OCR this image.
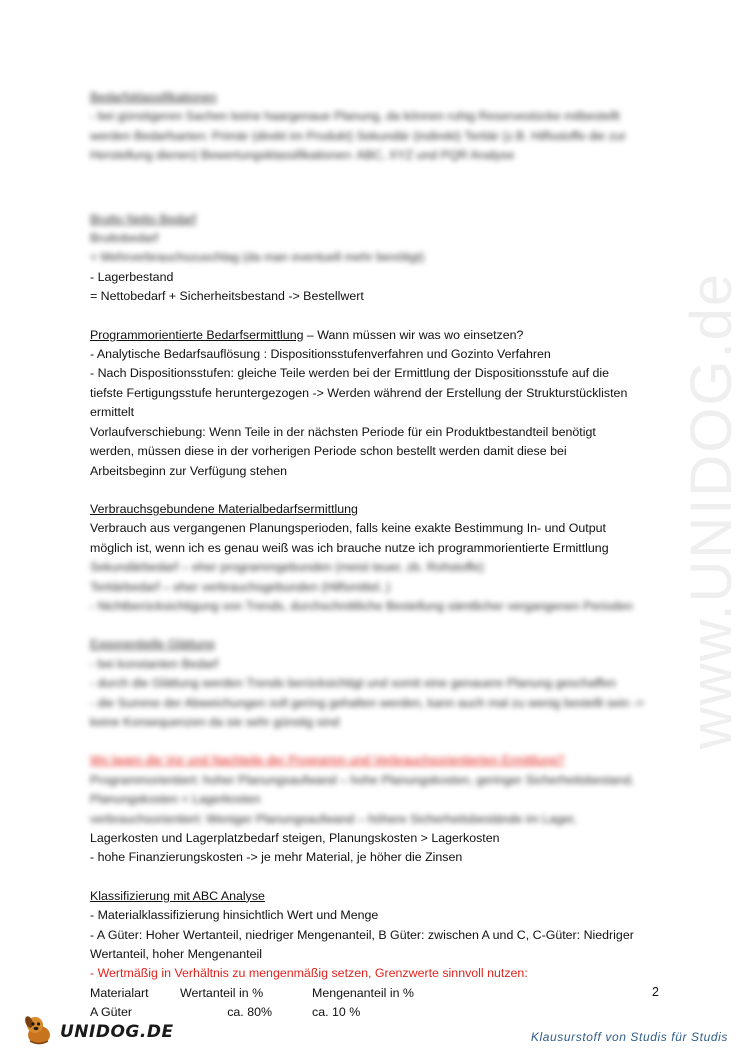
www.UNIDOG.de
Bedarfsklassifikationen
- bei günstigeren Sachen keine haargenaue Planung, da können ruhig Reservestücke mitbestellt
werden Bedarfsarten: Primär (direkt im Produkt) Sekundär (indirekt) Tertiär (z.B. Hilfsstoffe die zur
Herstellung dienen) Bewertungsklassifikationen: ABC, XYZ und PQR Analyse
Brutto Netto Bedarf
Bruttobedarf
+ Mehrverbrauchszuschlag (da man eventuell mehr benötigt)
- Lagerbestand
= Nettobedarf + Sicherheitsbestand -> Bestellwert
Programmorientierte Bedarfsermittlung – Wann müssen wir was wo einsetzen?
- Analytische Bedarfsauflösung : Dispositionsstufenverfahren und Gozinto Verfahren
- Nach Dispositionsstufen: gleiche Teile werden bei der Ermittlung der Dispositionsstufe auf die
tiefste Fertigungsstufe heruntergezogen -> Werden während der Erstellung der Strukturstücklisten
ermittelt
Vorlaufverschiebung: Wenn Teile in der nächsten Periode für ein Produktbestandteil benötigt
werden, müssen diese in der vorherigen Periode schon bestellt werden damit diese bei
Arbeitsbeginn zur Verfügung stehen
Verbrauchsgebundene Materialbedarfsermittlung
Verbrauch aus vergangenen Planungsperioden, falls keine exakte Bestimmung In- und Output
möglich ist, wenn ich es genau weiß was ich brauche nutze ich programmorientierte Ermittlung
Sekundärbedarf – eher programmgebunden (meist teuer, zb. Rohstoffe)
Tertiärbedarf – eher verbrauchsgebunden (Hilfsmittel..)
- Nichtberücksichtigung von Trends, durchschnittliche Bestellung sämtlicher vergangenen Perioden
Exponentielle Glättung
- bei konstanten Bedarf
- durch die Glättung werden Trends berücksichtigt und somit eine genauere Planung geschaffen
- die Summe der Abweichungen soll gering gehalten werden, kann auch mal zu wenig bestellt sein ->
keine Konsequenzen da sie sehr günstig sind
Wo lagen die Vor und Nachteile der Programm und Verbrauchsorientierten Ermittlung?
Programmorientiert: hoher Planungsaufwand – hohe Planungskosten, geringer Sicherheitsbestand,
Planungskosten < Lagerkosten
verbrauchsorientiert: Weniger Planungsaufwand – höhere Sicherheitsbestände im Lager,
Lagerkosten und Lagerplatzbedarf steigen, Planungskosten > Lagerkosten
- hohe Finanzierungskosten -> je mehr Material, je höher die Zinsen
Klassifizierung mit ABC Analyse
- Materialklassifizierung hinsichtlich Wert und Menge
- A Güter: Hoher Wertanteil, niedriger Mengenanteil, B Güter: zwischen A und C, C-Güter: Niedriger
Wertanteil, hoher Mengenanteil
- Wertmäßig in Verhältnis zu mengenmäßig setzen, Grenzwerte sinnvoll nutzen:
Materialart	Wertanteil in %	Mengenanteil in %
A Güter	ca. 80%	ca. 10 %
2
UNIDOG.DE	Klausurstoff von Studis für Studis
